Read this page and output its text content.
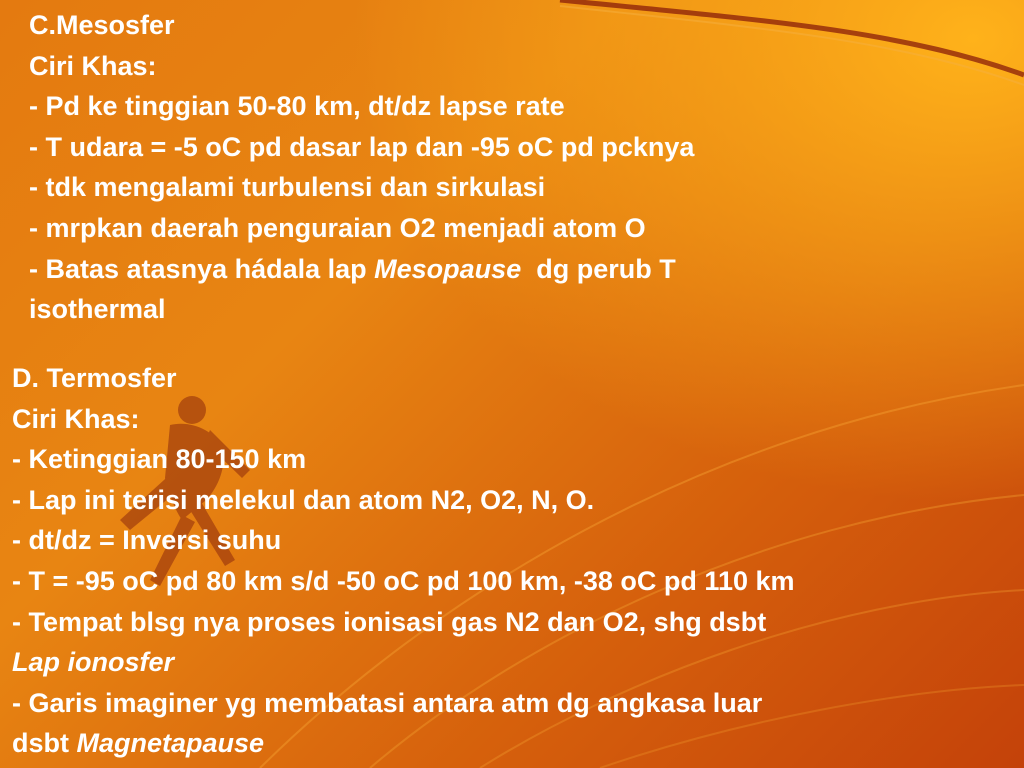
C.Mesosfer
Ciri Khas:
- Pd ke tinggian 50-80 km, dt/dz lapse rate
- T udara = -5 oC pd dasar lap dan -95 oC pd pcknya
- tdk mengalami turbulensi dan sirkulasi
- mrpkan daerah penguraian O2 menjadi atom O
- Batas atasnya hádala lap Mesopause  dg perub T
isothermal
D. Termosfer
Ciri Khas:
- Ketinggian 80-150 km
- Lap ini terisi melekul dan atom N2, O2, N, O.
- dt/dz = Inversi suhu
- T = -95 oC pd 80 km s/d -50 oC pd 100 km, -38 oC pd 110 km
- Tempat blsg nya proses ionisasi gas N2 dan O2, shg dsbt
Lap ionosfer
- Garis imaginer yg membatasi antara atm dg angkasa luar
dsbt Magnetapause
